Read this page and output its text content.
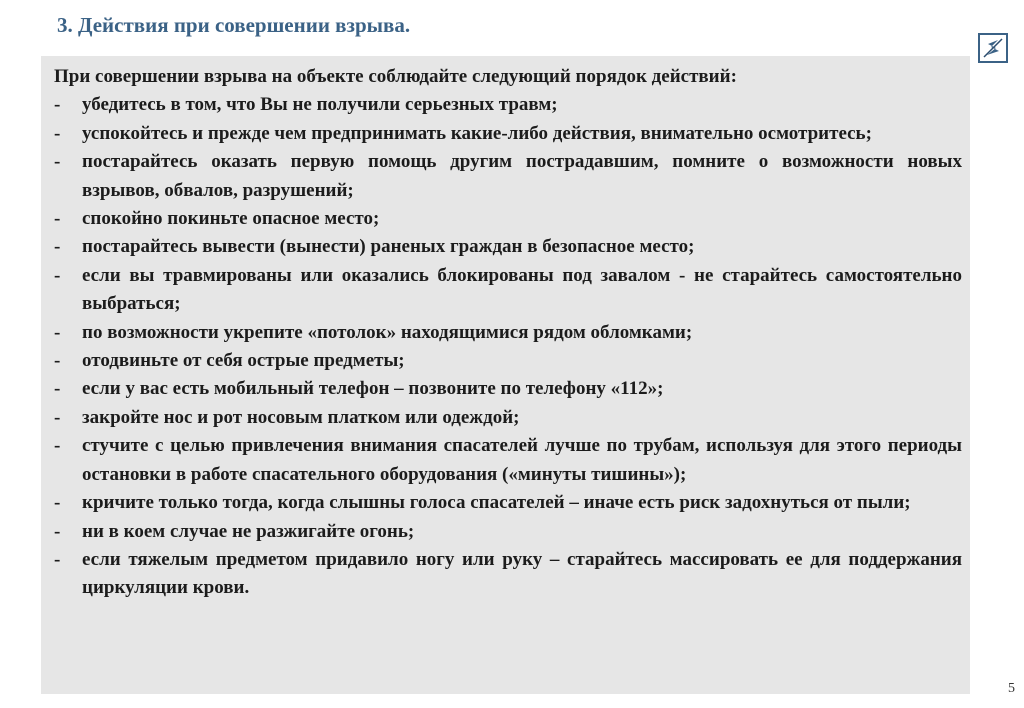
3. Действия при совершении взрыва.

При совершении взрыва на объекте соблюдайте следующий порядок действий:

- убедитесь в том, что Вы не получили серьезных травм;
- успокойтесь и прежде чем предпринимать какие-либо действия, внимательно осмотритесь;
- постарайтесь оказать первую помощь другим пострадавшим, помните о возможности новых взрывов, обвалов, разрушений;
- спокойно покиньте опасное место;
- постарайтесь вывести (вынести) раненых граждан в безопасное место;
- если вы травмированы или оказались блокированы под завалом - не старайтесь самостоятельно выбраться;
- по возможности укрепите «потолок» находящимися рядом обломками;
- отодвиньте от себя острые предметы;
- если у вас есть мобильный телефон – позвоните по телефону «112»;
- закройте нос и рот носовым платком или одеждой;
- стучите с целью привлечения внимания спасателей лучше по трубам, используя для этого периоды остановки в работе спасательного оборудования («минуты тишины»);
- кричите только тогда, когда слышны голоса спасателей – иначе есть риск задохнуться от пыли;
- ни в коем случае не разжигайте огонь;
- если тяжелым предметом придавило ногу или руку – старайтесь массировать ее для поддержания циркуляции крови.
5
